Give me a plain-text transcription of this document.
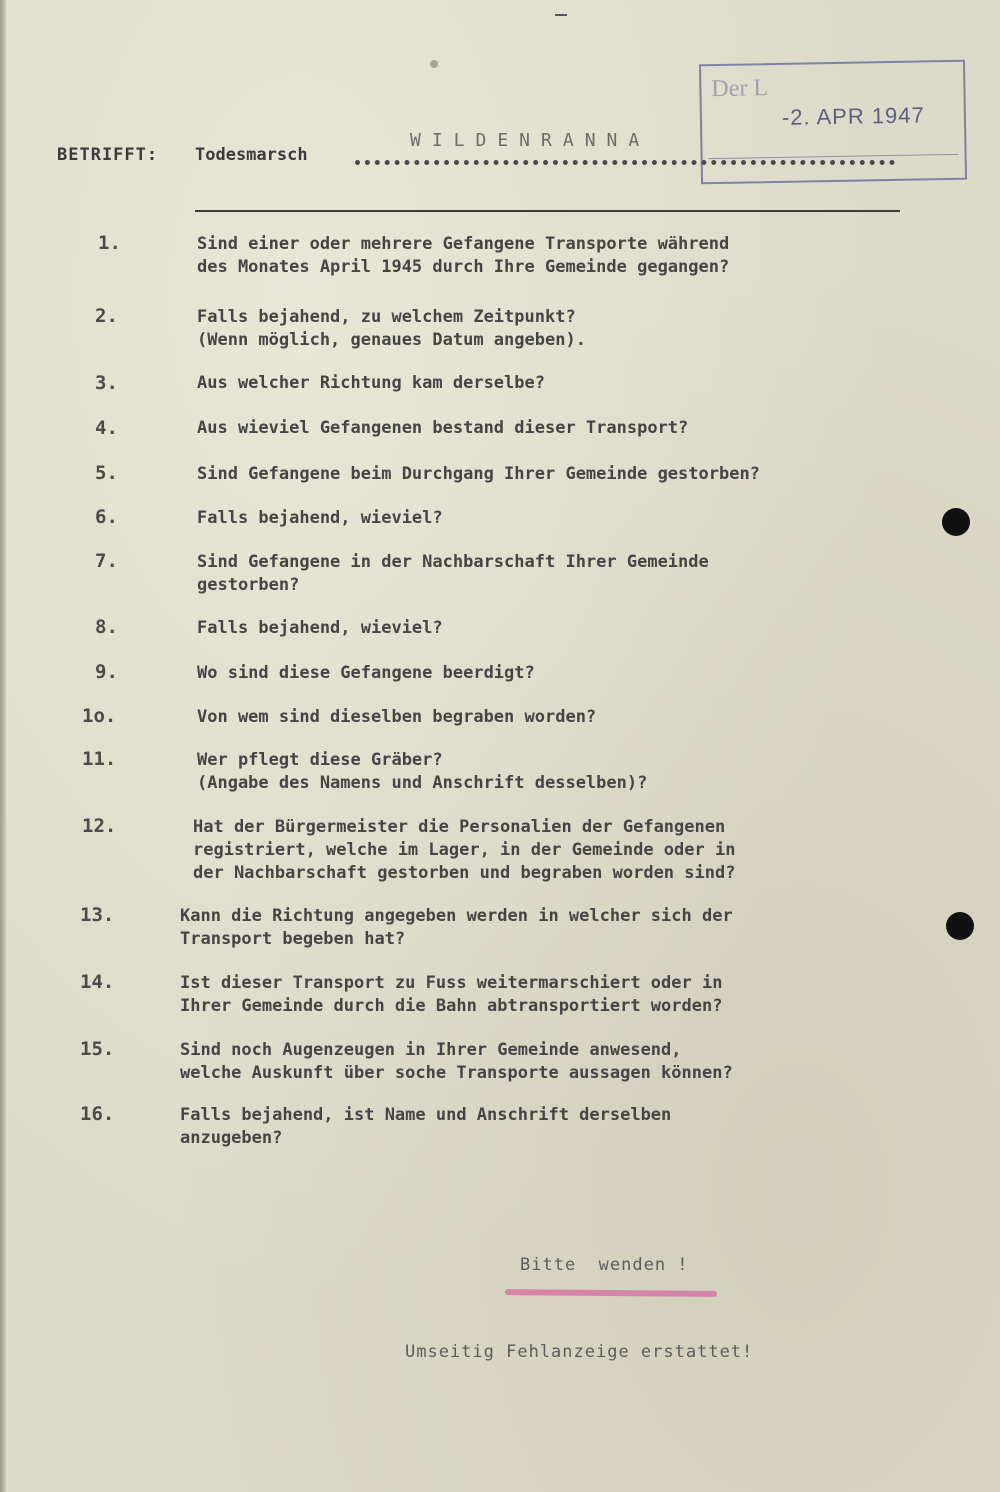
Der L
-2. APR 1947
WILDENRANNA
BETRIFFT: Todesmarsch
1.	Sind einer oder mehrere Gefangene Transporte während
des Monates April 1945 durch Ihre Gemeinde gegangen?
2.	Falls bejahend, zu welchem Zeitpunkt?
(Wenn möglich, genaues Datum angeben).
3.	Aus welcher Richtung kam derselbe?
4.	Aus wieviel Gefangenen bestand dieser Transport?
5.	Sind Gefangene beim Durchgang Ihrer Gemeinde gestorben?
6.	Falls bejahend, wieviel?
7.	Sind Gefangene in der Nachbarschaft Ihrer Gemeinde
gestorben?
8.	Falls bejahend, wieviel?
9.	Wo sind diese Gefangene beerdigt?
1o.	Von wem sind dieselben begraben worden?
11.	Wer pflegt diese Gräber?
(Angabe des Namens und Anschrift desselben)?
12.	Hat der Bürgermeister die Personalien der Gefangenen
registriert, welche im Lager, in der Gemeinde oder in
der Nachbarschaft gestorben und begraben worden sind?
13.	Kann die Richtung angegeben werden in welcher sich der
Transport begeben hat?
14.	Ist dieser Transport zu Fuss weitermarschiert oder in
Ihrer Gemeinde durch die Bahn abtransportiert worden?
15.	Sind noch Augenzeugen in Ihrer Gemeinde anwesend,
welche Auskunft über soche Transporte aussagen können?
16.	Falls bejahend, ist Name und Anschrift derselben
anzugeben?
Bitte  wenden !
Umseitig Fehlanzeige erstattet!
